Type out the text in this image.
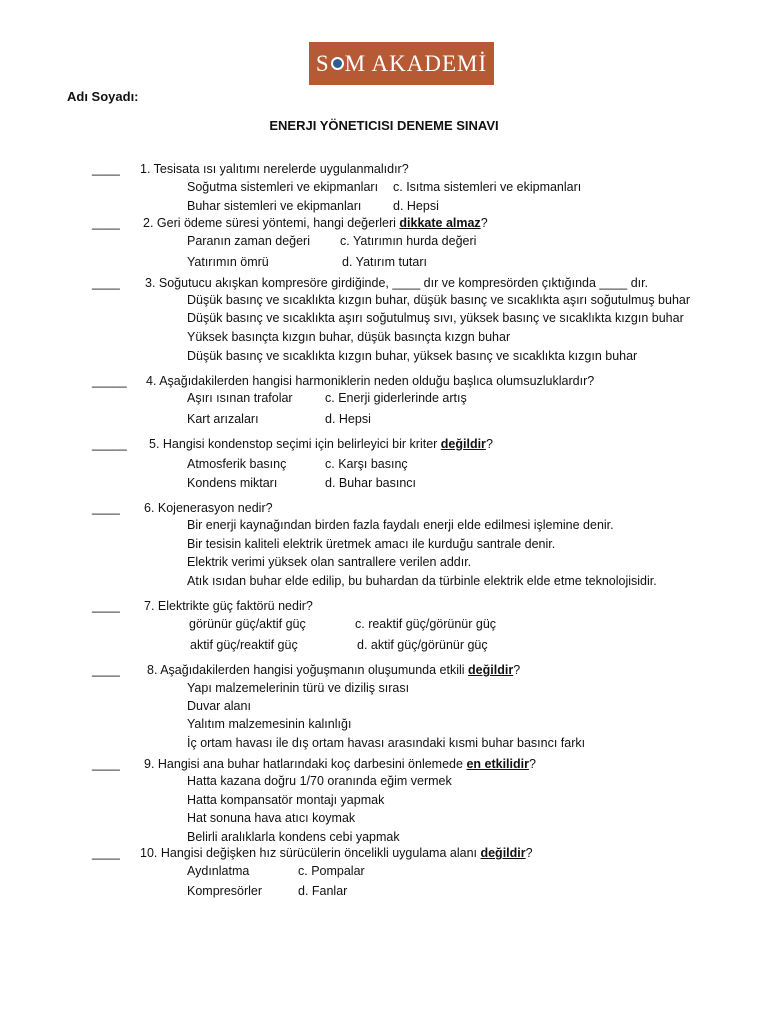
S M AKADEMİ
Adı Soyadı:
ENERJI YÖNETICISI DENEME SINAVI
____ 1. Tesisata ısı yalıtımı nerelerde uygulanmalıdır?
Soğutma sistemleri ve ekipmanları c. Isıtma sistemleri ve ekipmanları
Buhar sistemleri ve ekipmanları	d. Hepsi
____ 2. Geri ödeme süresi yöntemi, hangi değerleri dikkate almaz?
Paranın zaman değeri c. Yatırımın hurda değeri
Yatırımın ömrü	d. Yatırım tutarı
____ 3. Soğutucu akışkan kompresöre girdiğinde, ____ dır ve kompresörden çıktığında ____ dır.
Düşük basınç ve sıcaklıkta kızgın buhar, düşük basınç ve sıcaklıkta aşırı soğutulmuş buhar
Düşük basınç ve sıcaklıkta aşırı soğutulmuş sıvı, yüksek basınç ve sıcaklıkta kızgın buhar
Yüksek basınçta kızgın buhar, düşük basınçta kızgn buhar
Düşük basınç ve sıcaklıkta kızgın buhar, yüksek basınç ve sıcaklıkta kızgın buhar
_____ 4. Aşağıdakilerden hangisi harmoniklerin neden olduğu başlıca olumsuzluklardır?
Aşırı ısınan trafolar	c. Enerji giderlerinde artış
Kart arızaları	d. Hepsi
_____ 5. Hangisi kondenstop seçimi için belirleyici bir kriter değildir?
Atmosferik basınç	c. Karşı basınç
Kondens miktarı	d. Buhar basıncı
____ 6. Kojenerasyon nedir?
Bir enerji kaynağından birden fazla faydalı enerji elde edilmesi işlemine denir.
Bir tesisin kaliteli elektrik üretmek amacı ile kurduğu santrale denir.
Elektrik verimi yüksek olan santrallere verilen addır.
Atık ısıdan buhar elde edilip, bu buhardan da türbinle elektrik elde etme teknolojisidir.
____ 7. Elektrikte güç faktörü nedir?
görünür güç/aktif güç	c. reaktif güç/görünür güç
aktif güç/reaktif güç	d. aktif güç/görünür güç
____ 8. Aşağıdakilerden hangisi yoğuşmanın oluşumunda etkili değildir?
Yapı malzemelerinin türü ve diziliş sırası
Duvar alanı
Yalıtım malzemesinin kalınlığı
İç ortam havası ile dış ortam havası arasındaki kısmi buhar basıncı farkı
____ 9. Hangisi ana buhar hatlarındaki koç darbesini önlemede en etkilidir?
Hatta kazana doğru 1/70 oranında eğim vermek
Hatta kompansatör montajı yapmak
Hat sonuna hava atıcı koymak
Belirli aralıklarla kondens cebi yapmak
____ 10. Hangisi değişken hız sürücülerin öncelikli uygulama alanı değildir?
Aydınlatma	c. Pompalar
Kompresörler	d. Fanlar
